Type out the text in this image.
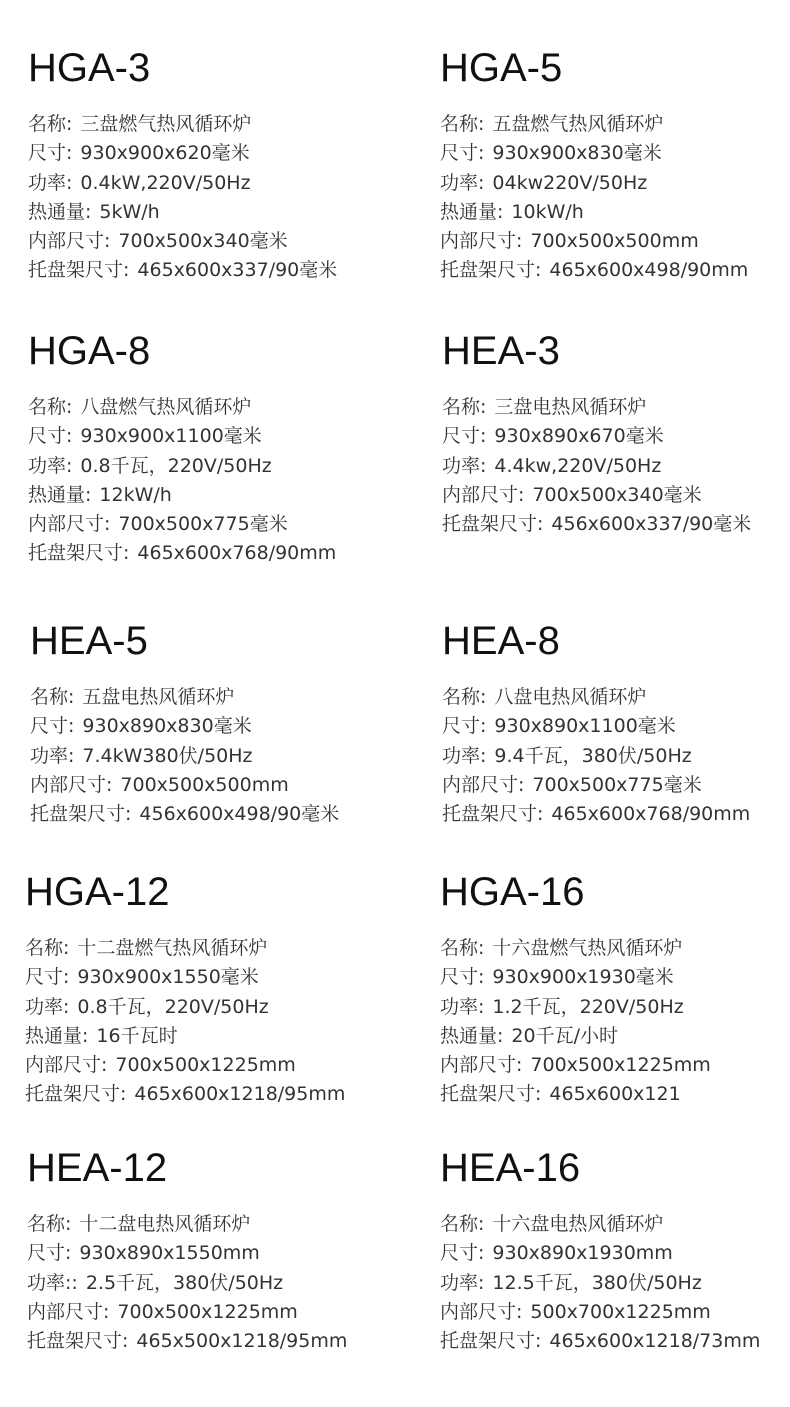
HGA-3
名称: 三盘燃气热风循环炉
尺寸: 930x900x620毫米
功率: 0.4kW,220V/50Hz
热通量: 5kW/h
内部尺寸: 700x500x340毫米
托盘架尺寸: 465x600x337/90毫米
HGA-8
名称: 八盘燃气热风循环炉
尺寸: 930x900x1100毫米
功率: 0.8千瓦，220V/50Hz
热通量: 12kW/h
内部尺寸: 700x500x775毫米
托盘架尺寸: 465x600x768/90mm
HEA-5
名称: 五盘电热风循环炉
尺寸: 930x890x830毫米
功率: 7.4kW380伏/50Hz
内部尺寸: 700x500x500mm
托盘架尺寸: 456x600x498/90毫米
HGA-12
名称: 十二盘燃气热风循环炉
尺寸: 930x900x1550毫米
功率: 0.8千瓦，220V/50Hz
热通量: 16千瓦时
内部尺寸: 700x500x1225mm
托盘架尺寸: 465x600x1218/95mm
HEA-12
名称: 十二盘电热风循环炉
尺寸: 930x890x1550mm
功率:: 2.5千瓦，380伏/50Hz
内部尺寸: 700x500x1225mm
托盘架尺寸: 465x500x1218/95mm
HGA-5
名称: 五盘燃气热风循环炉
尺寸: 930x900x830毫米
功率: 04kw220V/50Hz
热通量: 10kW/h
内部尺寸: 700x500x500mm
托盘架尺寸: 465x600x498/90mm
HEA-3
名称: 三盘电热风循环炉
尺寸: 930x890x670毫米
功率: 4.4kw,220V/50Hz
内部尺寸: 700x500x340毫米
托盘架尺寸: 456x600x337/90毫米
HEA-8
名称: 八盘电热风循环炉
尺寸: 930x890x1100毫米
功率: 9.4千瓦，380伏/50Hz
内部尺寸: 700x500x775毫米
托盘架尺寸: 465x600x768/90mm
HGA-16
名称: 十六盘燃气热风循环炉
尺寸: 930x900x1930毫米
功率: 1.2千瓦，220V/50Hz
热通量: 20千瓦/小时
内部尺寸: 700x500x1225mm
托盘架尺寸: 465x600x121
HEA-16
名称: 十六盘电热风循环炉
尺寸: 930x890x1930mm
功率: 12.5千瓦，380伏/50Hz
内部尺寸: 500x700x1225mm
托盘架尺寸: 465x600x1218/73mm
